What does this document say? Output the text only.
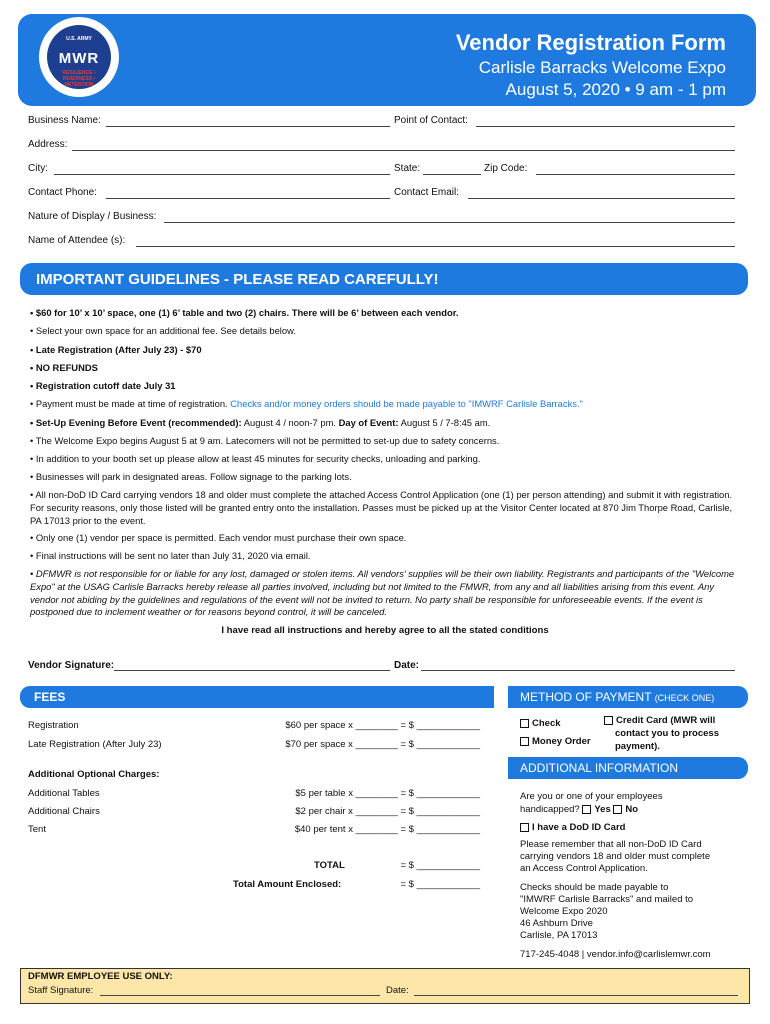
U.S. ARMY
MWR
RESILIENCE • READINESS • RETENTION
Vendor Registration Form
Carlisle Barracks Welcome Expo
August 5, 2020 • 9 am - 1 pm
Business Name:	Point of Contact:
Address:
City:	State:	Zip Code:
Contact Phone:	Contact Email:
Nature of Display / Business:
Name of Attendee (s):
IMPORTANT GUIDELINES - PLEASE READ CAREFULLY!
• $60 for 10’ x 10’ space, one (1) 6’ table and two (2) chairs. There will be 6’ between each vendor.
• Select your own space for an additional fee. See details below.
• Late Registration (After July 23) - $70
• NO REFUNDS
• Registration cutoff date July 31
• Payment must be made at time of registration. Checks and/or money orders should be made payable to "IMWRF Carlisle Barracks."
• Set-Up Evening Before Event (recommended): August 4 / noon-7 pm. Day of Event: August 5 / 7-8:45 am.
• The Welcome Expo begins August 5 at 9 am. Latecomers will not be permitted to set-up due to safety concerns.
• In addition to your booth set up please allow at least 45 minutes for security checks, unloading and parking.
• Businesses will park in designated areas. Follow signage to the parking lots.
• All non-DoD ID Card carrying vendors 18 and older must complete the attached Access Control Application (one (1) per person attending) and submit it with registration. For security reasons, only those listed will be granted entry onto the installation. Passes must be picked up at the Visitor Center located at 870 Jim Thorpe Road, Carlisle, PA 17013 prior to the event.
• Only one (1) vendor per space is permitted. Each vendor must purchase their own space.
• Final instructions will be sent no later than July 31, 2020 via email.
• DFMWR is not responsible for or liable for any lost, damaged or stolen items. All vendors’ supplies will be their own liability. Registrants and participants of the "Welcome Expo" at the USAG Carlisle Barracks hereby release all parties involved, including but not limited to the FMWR, from any and all liabilities arising from this event. Any vendor not abiding by the guidelines and regulations of the event will not be invited to return. No party shall be responsible for unforeseeable events. If the event is postponed due to inclement weather or for reasons beyond control, it will be canceled.
I have read all instructions and hereby agree to all the stated conditions
Vendor Signature:	Date:
FEES
Registration	$60 per space x ________ = $ ____________
Late Registration (After July 23)	$70 per space x ________ = $ ____________
Additional Optional Charges:
Additional Tables	$5 per table x ________ = $ ____________
Additional Chairs	$2 per chair x ________ = $ ____________
Tent	$40 per tent x ________ = $ ____________
TOTAL	= $ ____________
Total Amount Enclosed:	= $ ____________
METHOD OF PAYMENT (CHECK ONE)
Check
Money Order
Credit Card (MWR will
contact you to process
payment).
ADDITIONAL INFORMATION
Are you or one of your employees
handicapped? Yes No
I have a DoD ID Card
Please remember that all non-DoD ID Card
carrying vendors 18 and older must complete
an Access Control Application.
Checks should be made payable to
"IMWRF Carlisle Barracks" and mailed to
Welcome Expo 2020
46 Ashburn Drive
Carlisle, PA 17013
717-245-4048 | vendor.info@carlislemwr.com
DFMWR EMPLOYEE USE ONLY:
Staff Signature:	Date:
